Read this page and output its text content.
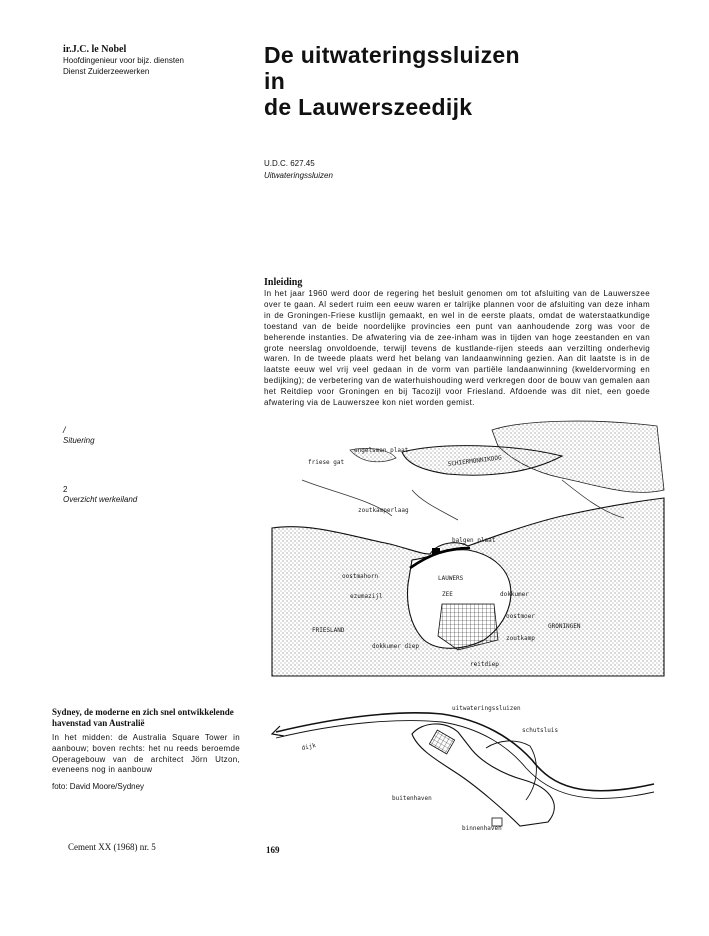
ir.J.C. le Nobel
Hoofdingenieur voor bijz. diensten
Dienst Zuiderzeewerken
De uitwateringssluizen
in
de Lauwerszeedijk
U.D.C. 627.45
Uitwateringssluizen
Inleiding

In het jaar 1960 werd door de regering het besluit genomen om tot afsluiting van de Lauwerszee over te gaan. Al sedert ruim een eeuw waren er talrijke plannen voor de afsluiting van deze inham in de Groningen-Friese kustlijn gemaakt, en wel in de eerste plaats, omdat de waterstaatkundige toestand van de beide noordelijke provincies een punt van aanhoudende zorg was voor de beherende instanties. De afwatering via de zee-inham was in tijden van hoge zeestanden en van grote neerslag onvoldoende, terwijl tevens de kustlande-rijen steeds aan verzilting onderhevig waren. In de tweede plaats werd het belang van landaanwinning gezien. Aan dit laatste is in de laatste eeuw wel vrij veel gedaan in de vorm van partiële landaanwinning (kweldervorming en bedijking); de verbetering van de waterhuishouding werd verkregen door de bouw van gemalen aan het Reitdiep voor Groningen en bij Tacozijl voor Friesland. Afdoende was dit niet, een goede afwatering via de Lauwerszee kon niet worden gemist.

/
Situering
2
Overzicht werkeiland
friese gat
engelsman plaat
SCHIERMONNIKOOG
zoutkamperlaag
balgen plaat
oostmahorn	LAUWERS
ZEE
ezumazijl	dokkumer
oostmoer
zoutkamp
FRIESLAND
GRONINGEN
dokkumer diep
reitdiep
uitwateringssluizen
schutsluis
dijk
buitenhaven
binnenhaven
Sydney, de moderne en zich snel ontwikkelende havenstad van Australië

In het midden: de Australia Square Tower in aanbouw; boven rechts: het nu reeds beroemde Operagebouw van de architect Jörn Utzon, eveneens nog in aanbouw

foto: David Moore/Sydney
Cement XX (1968) nr. 5	169
